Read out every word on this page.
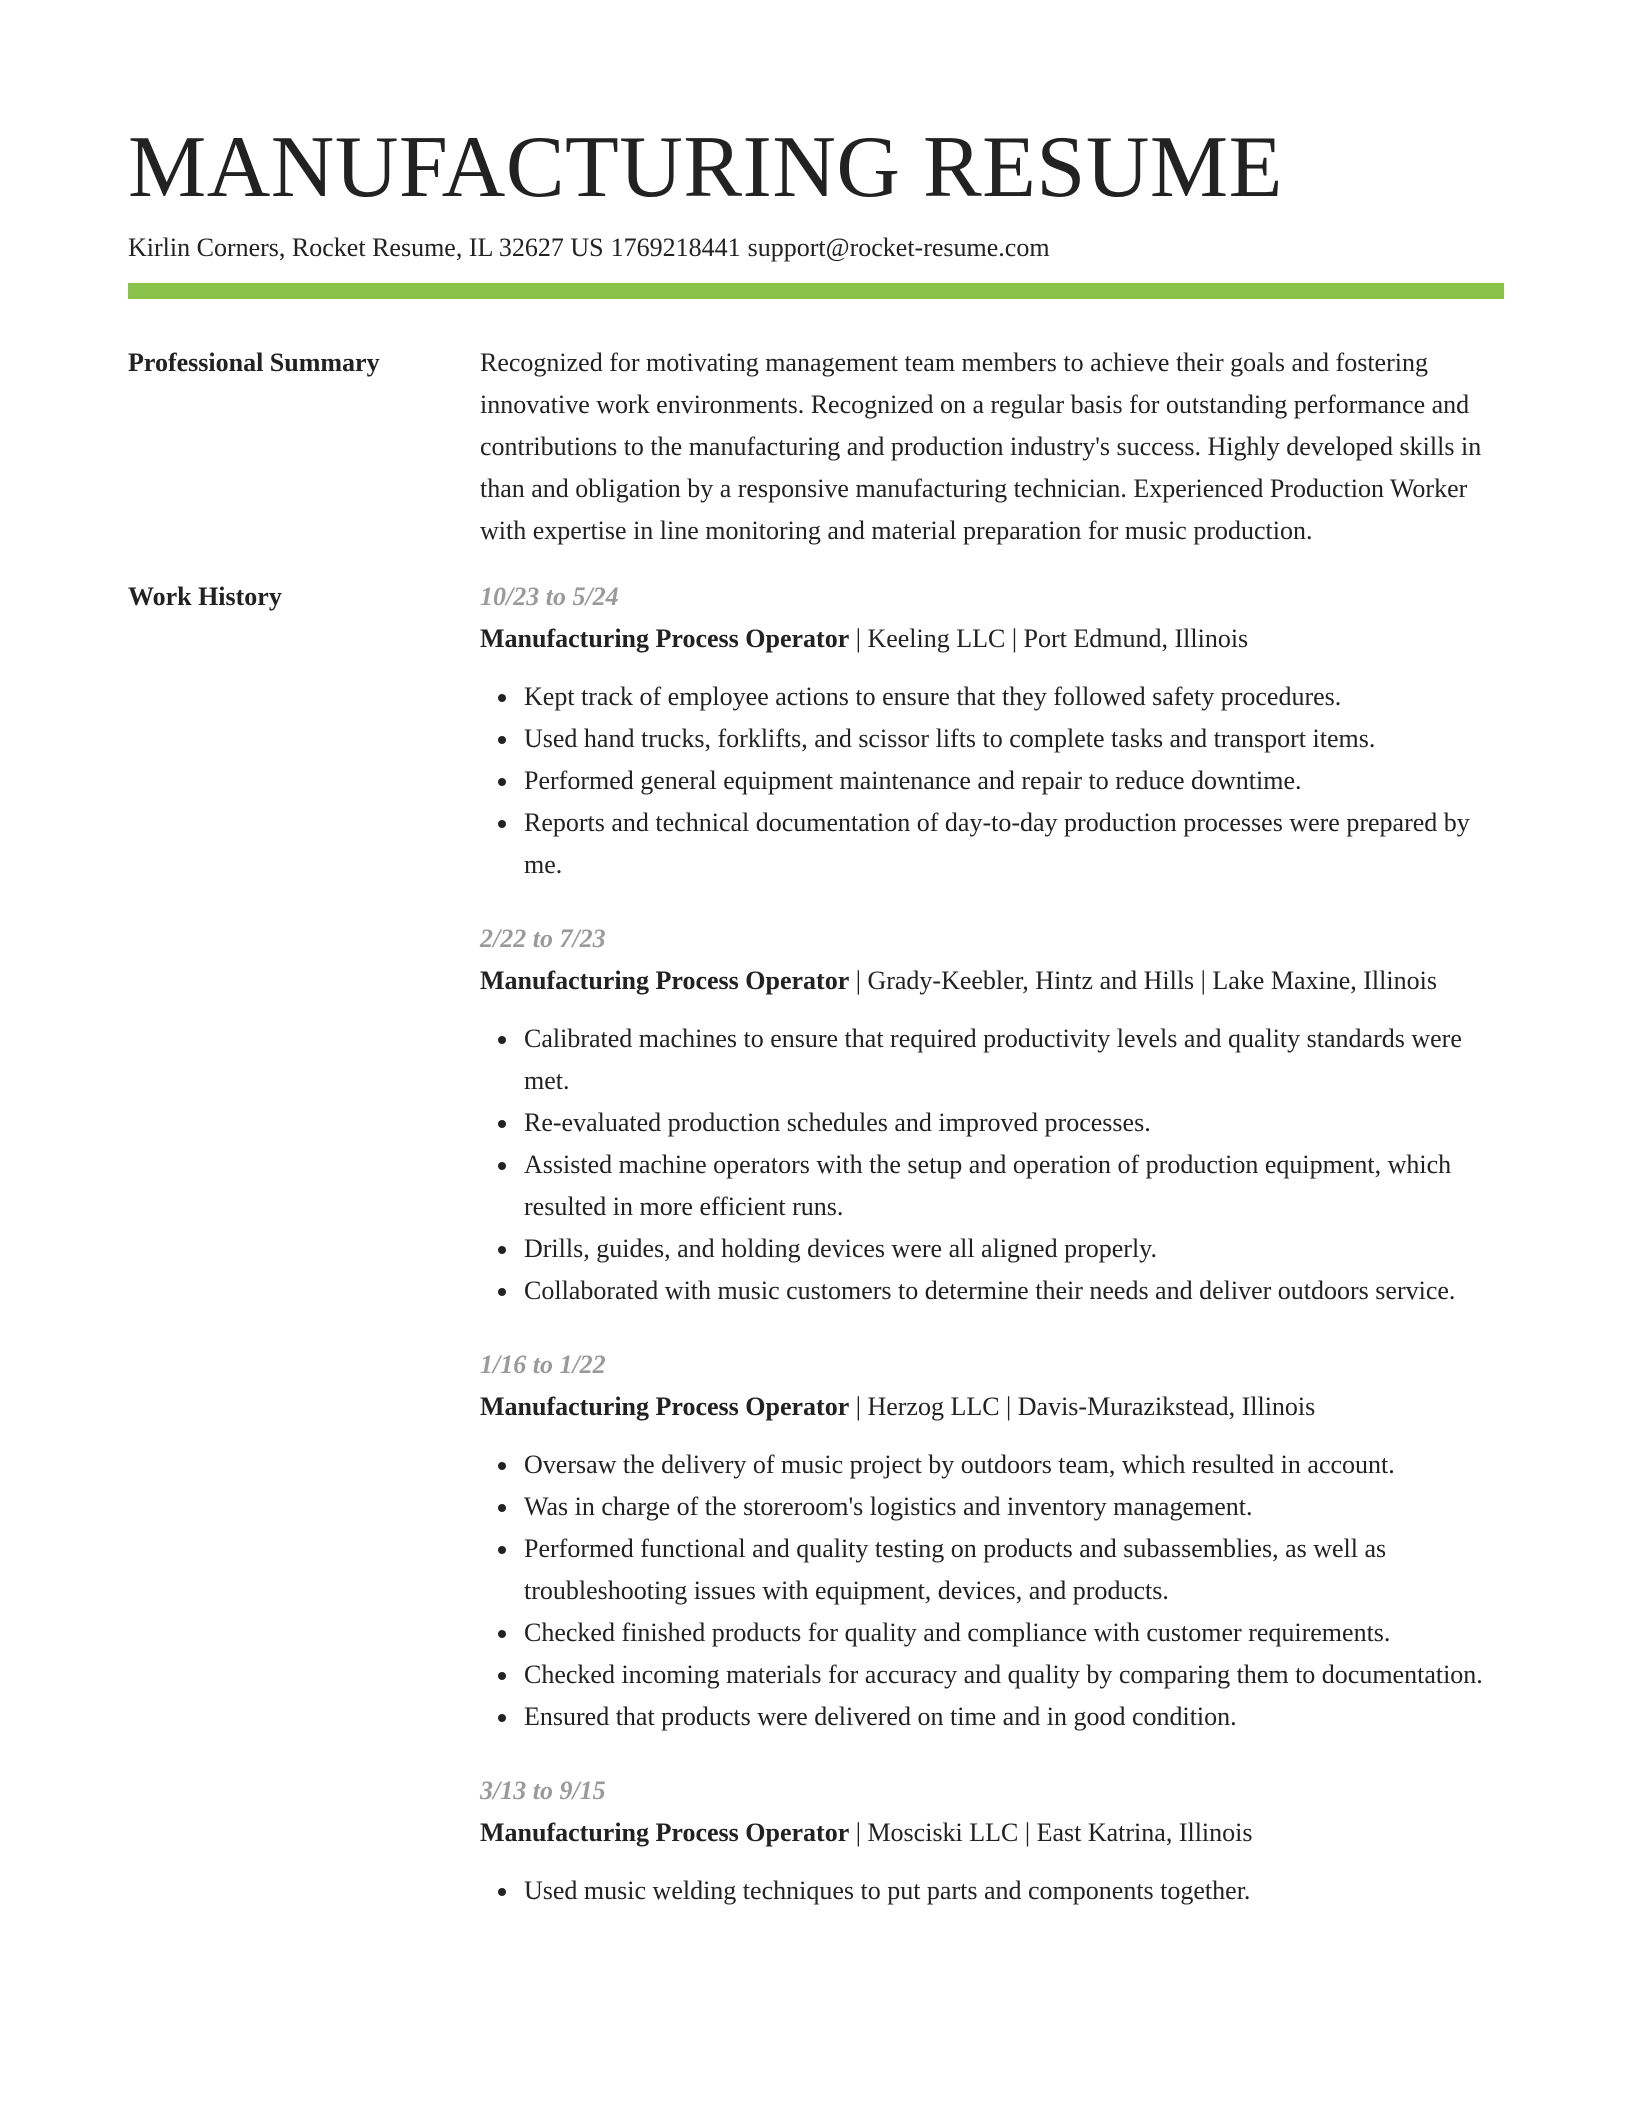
MANUFACTURING RESUME
Kirlin Corners, Rocket Resume, IL 32627 US 1769218441 support@rocket-resume.com
Professional Summary	Recognized for motivating management team members to achieve their goals and fostering innovative work environments. Recognized on a regular basis for outstanding performance and contributions to the manufacturing and production industry's success. Highly developed skills in than and obligation by a responsive manufacturing technician. Experienced Production Worker with expertise in line monitoring and material preparation for music production.

Work History	10/23 to 5/24
Manufacturing Process Operator | Keeling LLC | Port Edmund, Illinois
Kept track of employee actions to ensure that they followed safety procedures.
Used hand trucks, forklifts, and scissor lifts to complete tasks and transport items.
Performed general equipment maintenance and repair to reduce downtime.
Reports and technical documentation of day-to-day production processes were prepared by me.
2/22 to 7/23
Manufacturing Process Operator | Grady-Keebler, Hintz and Hills | Lake Maxine, Illinois
Calibrated machines to ensure that required productivity levels and quality standards were met.
Re-evaluated production schedules and improved processes.
Assisted machine operators with the setup and operation of production equipment, which resulted in more efficient runs.
Drills, guides, and holding devices were all aligned properly.
Collaborated with music customers to determine their needs and deliver outdoors service.
1/16 to 1/22
Manufacturing Process Operator | Herzog LLC | Davis-Murazikstead, Illinois
Oversaw the delivery of music project by outdoors team, which resulted in account.
Was in charge of the storeroom's logistics and inventory management.
Performed functional and quality testing on products and subassemblies, as well as troubleshooting issues with equipment, devices, and products.
Checked finished products for quality and compliance with customer requirements.
Checked incoming materials for accuracy and quality by comparing them to documentation.
Ensured that products were delivered on time and in good condition.
3/13 to 9/15
Manufacturing Process Operator | Mosciski LLC | East Katrina, Illinois
Used music welding techniques to put parts and components together.
